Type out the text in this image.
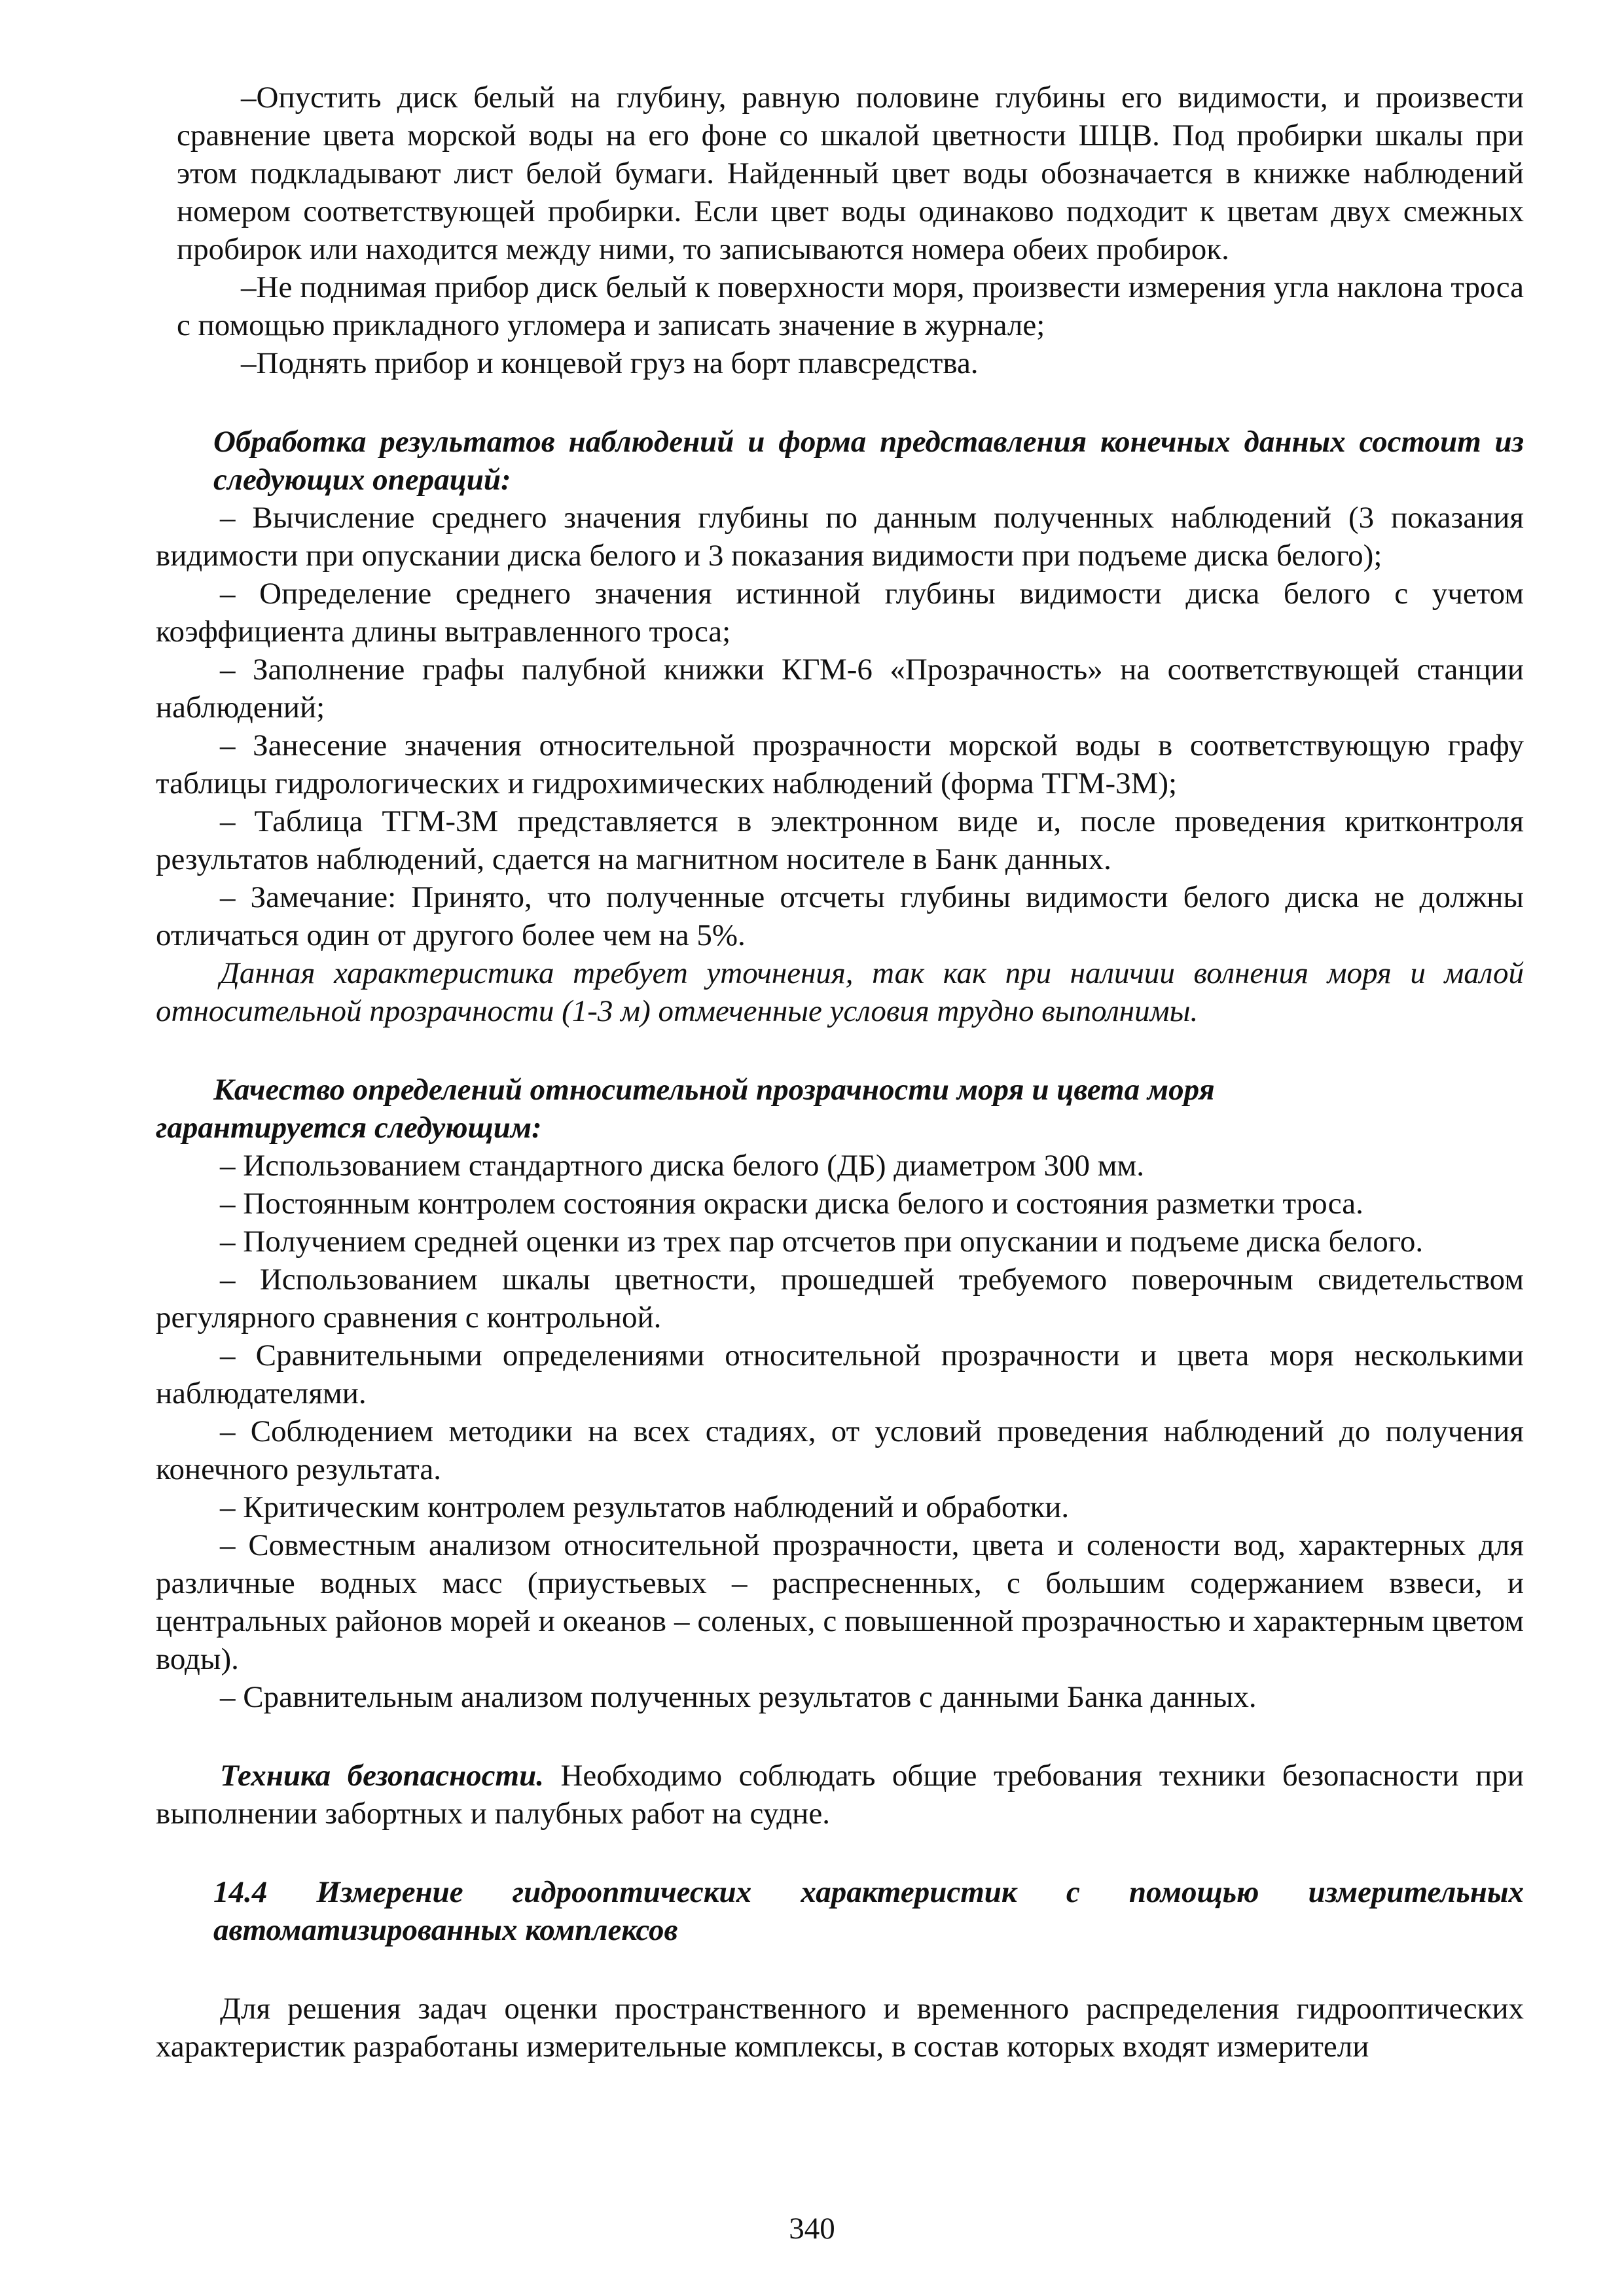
–Опустить диск белый на глубину, равную половине глубины его видимости, и произвести сравнение цвета морской воды на его фоне со шкалой цветности ШЦВ. Под пробирки шкалы при этом подкладывают лист белой бумаги. Найденный цвет воды обозначается в книжке наблюдений номером соответствующей пробирки. Если цвет воды одинаково подходит к цветам двух смежных пробирок или находится между ними, то записываются номера обеих пробирок.

–Не поднимая прибор диск белый к поверхности моря, произвести измерения угла наклона троса с помощью прикладного угломера и записать значение в журнале;

–Поднять прибор и концевой груз на борт плавсредства.

Обработка результатов наблюдений и форма представления конечных данных состоит из следующих операций:

– Вычисление среднего значения глубины по данным полученных наблюдений (3 показания видимости при опускании диска белого и 3 показания видимости при подъеме диска белого);

– Определение среднего значения истинной глубины видимости диска белого с учетом коэффициента длины вытравленного троса;

– Заполнение графы палубной книжки КГМ-6 «Прозрачность» на соответствующей станции наблюдений;

– Занесение значения относительной прозрачности морской воды в соответствующую графу таблицы гидрологических и гидрохимических наблюдений (форма ТГМ-3М);

– Таблица ТГМ-3М представляется в электронном виде и, после проведения критконтроля результатов наблюдений, сдается на магнитном носителе в Банк данных.

– Замечание: Принято, что полученные отсчеты глубины видимости белого диска не должны отличаться один от другого более чем на 5%.

Данная характеристика требует уточнения, так как при наличии волнения моря и малой относительной прозрачности (1-3 м) отмеченные условия трудно выполнимы.

Качество определений относительной прозрачности моря и цвета моря

гарантируется следующим:

– Использованием стандартного диска белого (ДБ) диаметром 300 мм.

– Постоянным контролем состояния окраски диска белого и состояния разметки троса.

– Получением средней оценки из трех пар отсчетов при опускании и подъеме диска белого.

– Использованием шкалы цветности, прошедшей требуемого поверочным свидетельством регулярного сравнения с контрольной.

– Сравнительными определениями относительной прозрачности и цвета моря несколькими наблюдателями.

– Соблюдением методики на всех стадиях, от условий проведения наблюдений до получения конечного результата.

– Критическим контролем результатов наблюдений и обработки.

– Совместным анализом относительной прозрачности, цвета и солености вод, характерных для различные водных масс (приустьевых – распресненных, с большим содержанием взвеси, и центральных районов морей и океанов – соленых, с повышенной прозрачностью и характерным цветом воды).

– Сравнительным анализом полученных результатов с данными Банка данных.

Техника безопасности. Необходимо соблюдать общие требования техники безопасности при выполнении забортных и палубных работ на судне.

14.4 Измерение гидрооптических характеристик с помощью измерительных автоматизированных комплексов

Для решения задач оценки пространственного и временного распределения гидрооптических характеристик разработаны измерительные комплексы, в состав которых входят измерители

340
